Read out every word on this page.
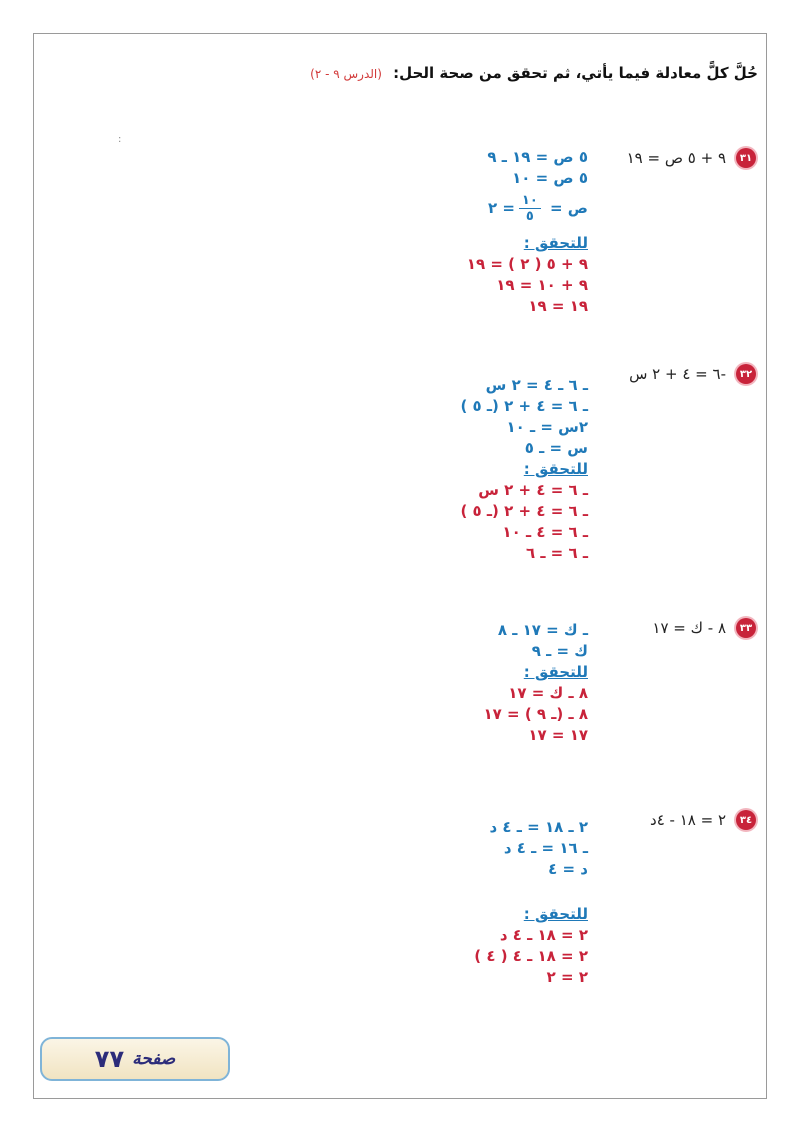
حُلَّ كلًّ معادلة فيما يأتي، ثم تحقق من صحة الحل: (الدرس ٩ - ٢)
:
٣١
٩ + ٥ ص = ١٩
٥ ص = ١٩ ـ ٩
٥ ص = ١٠
ص =
$\frac{١٠}{٥}$
= ٢
للتحقق :
٩ + ٥ ( ٢ ) = ١٩
٩ + ١٠ = ١٩
١٩ = ١٩
٣٢
-٦ = ٤ + ٢ س
ـ ٦ ـ ٤ = ٢ س
ـ ٦ = ٤ + ٢ (ـ ٥ )
٢س = ـ ١٠
س = ـ ٥
للتحقق :
ـ ٦ = ٤ + ٢ س
ـ ٦ = ٤ + ٢ (ـ ٥ )
ـ ٦ = ٤ ـ ١٠
ـ ٦ = ـ ٦
٣٣
٨ - ك = ١٧
ـ ك = ١٧ ـ ٨
ك = ـ ٩
للتحقق :
٨ ـ ك = ١٧
٨ ـ (ـ ٩ ) = ١٧
١٧ = ١٧
٣٤
٢ = ١٨ - ٤د
٢ ـ ١٨ = ـ ٤ د
ـ ١٦ = ـ ٤ د
د = ٤
للتحقق :
٢ = ١٨ ـ ٤ د
٢ = ١٨ ـ ٤ ( ٤ )
٢ = ٢
صفحة
٧٧
